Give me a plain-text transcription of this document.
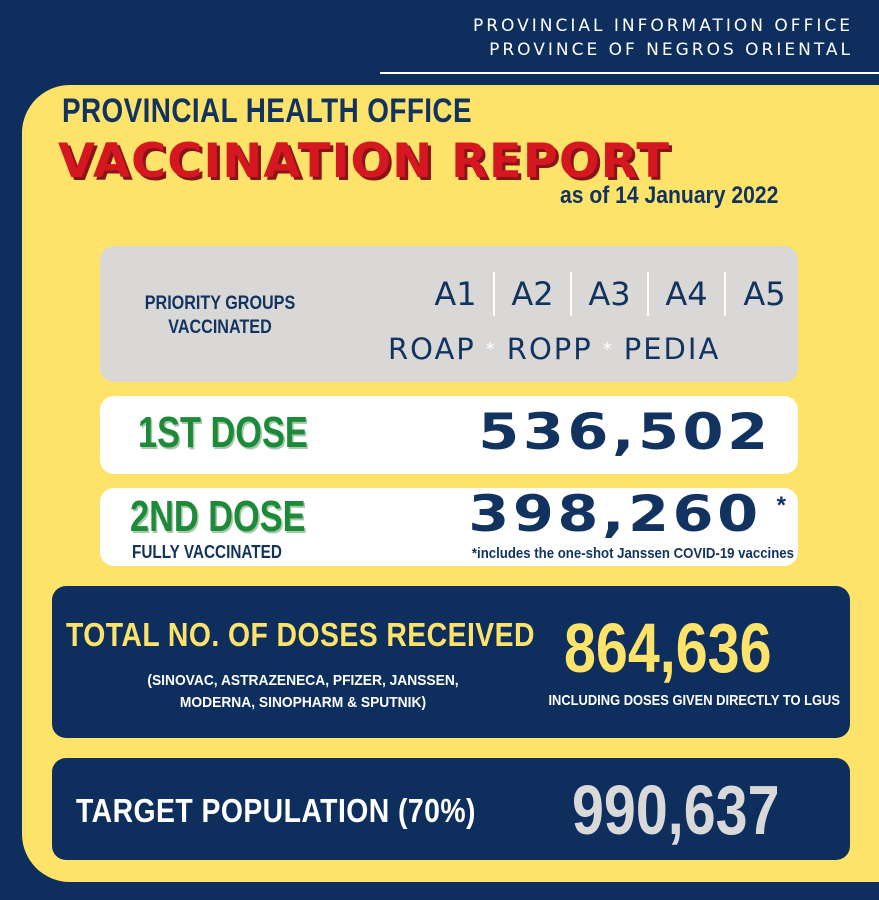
PROVINCIAL INFORMATION OFFICE
PROVINCE OF NEGROS ORIENTAL
PROVINCIAL HEALTH OFFICE
VACCINATION REPORT
as of 14 January 2022
PRIORITY GROUPS
VACCINATED
A1	A2	A3	A4	A5
ROAP * ROPP * PEDIA
1ST DOSE	536,502
2ND DOSE
FULLY VACCINATED
398,260 *
*includes the one-shot Janssen COVID-19 vaccines
TOTAL NO. OF DOSES RECEIVED
(SINOVAC, ASTRAZENECA, PFIZER, JANSSEN,
MODERNA, SINOPHARM & SPUTNIK)
864,636
INCLUDING DOSES GIVEN DIRECTLY TO LGUS
TARGET POPULATION (70%) 990,637
